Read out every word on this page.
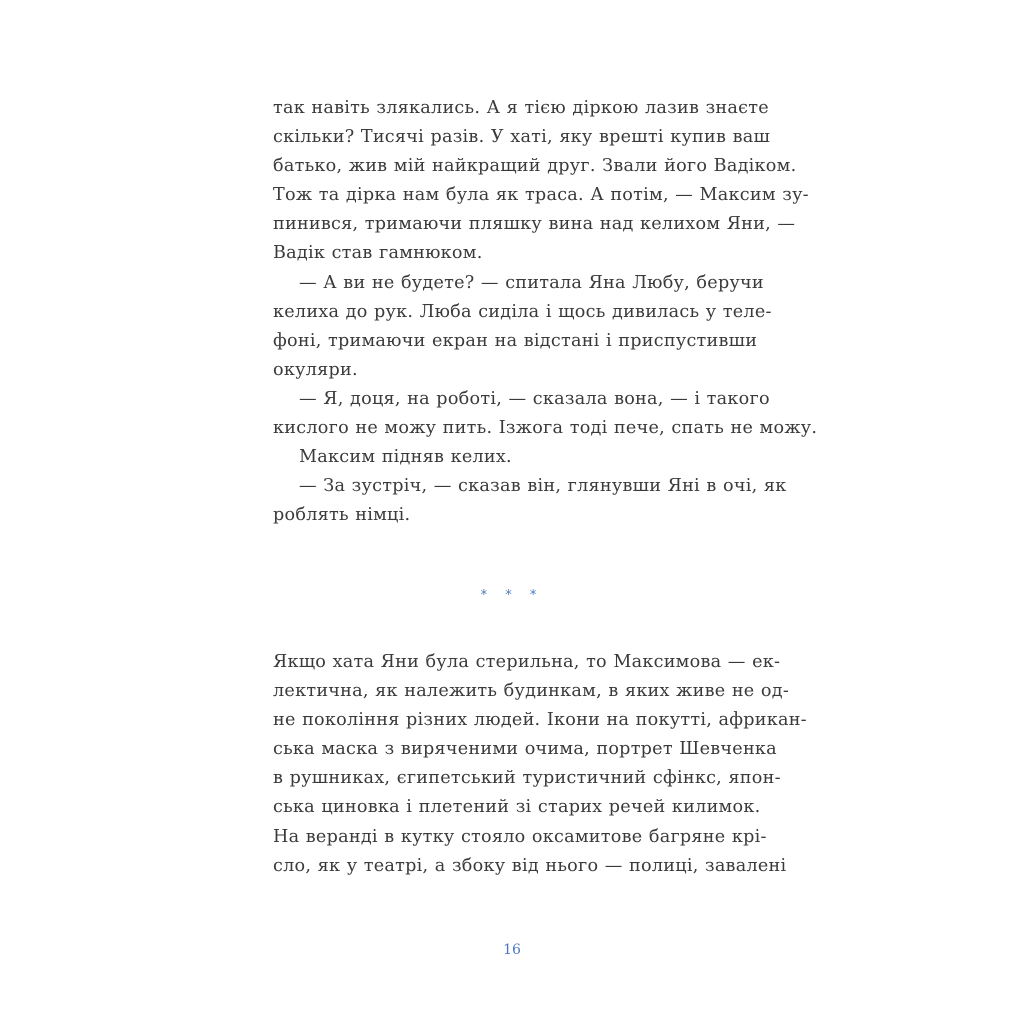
так навіть злякались. А я тією діркою лазив знаєте
скільки? Тисячі разів. У хаті, яку врешті купив ваш
батько, жив мій найкращий друг. Звали його Вадіком.
Тож та дірка нам була як траса. А потім, — Максим зу-
пинився, тримаючи пляшку вина над келихом Яни, —
Вадік став гамнюком.
— А ви не будете? — спитала Яна Любу, беручи
келиха до рук. Люба сиділа і щось дивилась у теле-
фоні, тримаючи екран на відстані і приспустивши
окуляри.
— Я, доця, на роботі, — сказала вона, — і такого
кислого не можу пить. Ізжога тоді пече, спать не можу.
Максим підняв келих.
— За зустріч, — сказав він, глянувши Яні в очі, як
роблять німці.
* * *
Якщо хата Яни була стерильна, то Максимова — ек-
лектична, як належить будинкам, в яких живе не од-
не покоління різних людей. Ікони на покутті, африкан-
ська маска з виряченими очима, портрет Шевченка
в рушниках, єгипетський туристичний сфінкс, япон-
ська циновка і плетений зі старих речей килимок.
На веранді в кутку стояло оксамитове багряне крі-
сло, як у театрі, а збоку від нього — полиці, завалені
16
